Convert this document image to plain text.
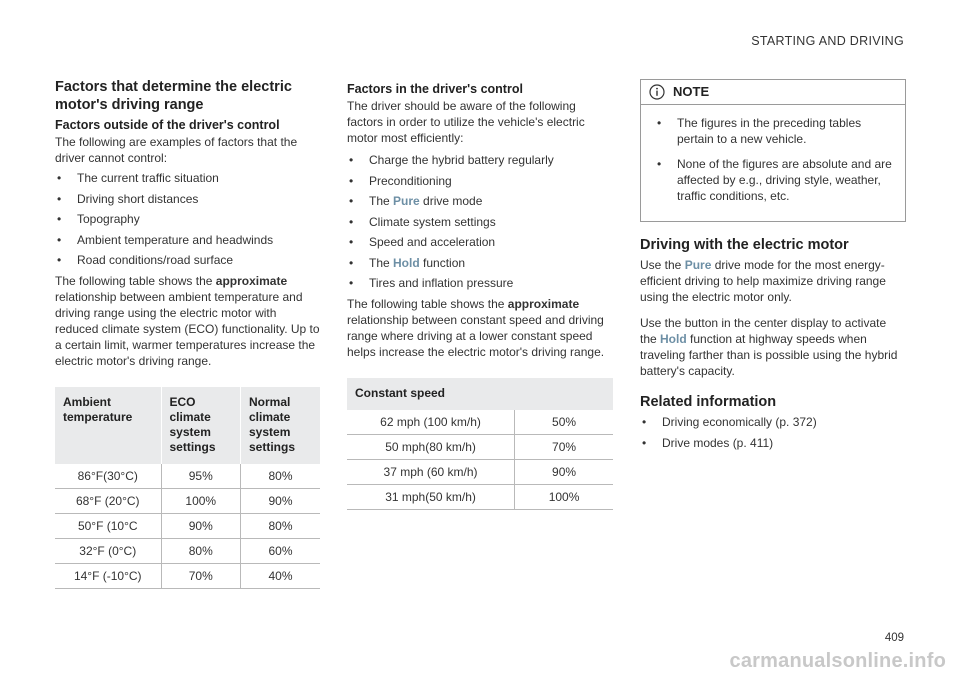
STARTING AND DRIVING
Factors that determine the electric motor's driving range
Factors outside of the driver's control

The following are examples of factors that the driver cannot control:

• The current traffic situation
• Driving short distances
• Topography
• Ambient temperature and headwinds
• Road conditions/road surface

The following table shows the approximate relationship between ambient temperature and driving range using the electric motor with reduced climate system (ECO) functionality. Up to a certain limit, warmer temperatures increase the electric motor's driving range.

Ambient temperature	ECO climate system settings	Normal climate system settings
86°F(30°C)	95%	80%
68°F (20°C)	100%	90%
50°F (10°C	90%	80%
32°F (0°C)	80%	60%
14°F (-10°C)	70%	40%
Factors in the driver's control

The driver should be aware of the following factors in order to utilize the vehicle's electric motor most efficiently:

• Charge the hybrid battery regularly
• Preconditioning
• The Pure drive mode
• Climate system settings
• Speed and acceleration
• The Hold function
• Tires and inflation pressure

The following table shows the approximate relationship between constant speed and driving range where driving at a lower constant speed helps increase the electric motor's driving range.

Constant speed	
62 mph (100 km/h)	50%
50 mph(80 km/h)	70%
37 mph (60 km/h)	90%
31 mph(50 km/h)	100%
NOTE
• The figures in the preceding tables pertain to a new vehicle.
• None of the figures are absolute and are affected by e.g., driving style, weather, traffic conditions, etc.
Driving with the electric motor

Use the Pure drive mode for the most energy-efficient driving to help maximize driving range using the electric motor only.

Use the button in the center display to activate the Hold function at highway speeds when traveling farther than is possible using the hybrid battery's capacity.

Related information
• Driving economically (p. 372)
• Drive modes (p. 411)
409
carmanualsonline.info
